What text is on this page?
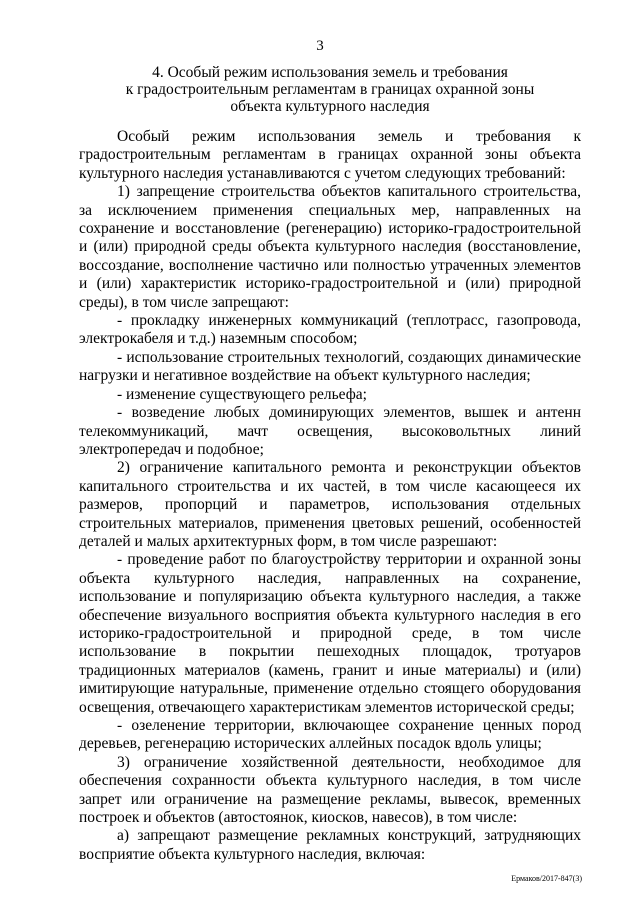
3
4. Особый режим использования земель и требования
к градостроительным регламентам в границах охранной зоны
объекта культурного наследия

Особый режим использования земель и требования к градостроительным регламентам в границах охранной зоны объекта культурного наследия устанавливаются с учетом следующих требований:

1) запрещение строительства объектов капитального строительства, за исключением применения специальных мер, направленных на сохранение и восстановление (регенерацию) историко-градостроительной и (или) природной среды объекта культурного наследия (восстановление, воссоздание, восполнение частично или полностью утраченных элементов и (или) характеристик историко-градостроительной и (или) природной среды), в том числе запрещают:

- прокладку инженерных коммуникаций (теплотрасс, газопровода, электрокабеля и т.д.) наземным способом;

- использование строительных технологий, создающих динамические нагрузки и негативное воздействие на объект культурного наследия;

- изменение существующего рельефа;

- возведение любых доминирующих элементов, вышек и антенн телекоммуникаций, мачт освещения, высоковольтных линий электропередач и подобное;

2) ограничение капитального ремонта и реконструкции объектов капитального строительства и их частей, в том числе касающееся их размеров, пропорций и параметров, использования отдельных строительных материалов, применения цветовых решений, особенностей деталей и малых архитектурных форм, в том числе разрешают:

- проведение работ по благоустройству территории и охранной зоны объекта культурного наследия, направленных на сохранение, использование и популяризацию объекта культурного наследия, а также обеспечение визуального восприятия объекта культурного наследия в его историко-градостроительной и природной среде, в том числе использование в покрытии пешеходных площадок, тротуаров традиционных материалов (камень, гранит и иные материалы) и (или) имитирующие натуральные, применение отдельно стоящего оборудования освещения, отвечающего характеристикам элементов исторической среды;

- озеленение территории, включающее сохранение ценных пород деревьев, регенерацию исторических аллейных посадок вдоль улицы;

3) ограничение хозяйственной деятельности, необходимое для обеспечения сохранности объекта культурного наследия, в том числе запрет или ограничение на размещение рекламы, вывесок, временных построек и объектов (автостоянок, киосков, навесов), в том числе:

а) запрещают размещение рекламных конструкций, затрудняющих восприятие объекта культурного наследия, включая:

Ермаков/2017-847(3)
